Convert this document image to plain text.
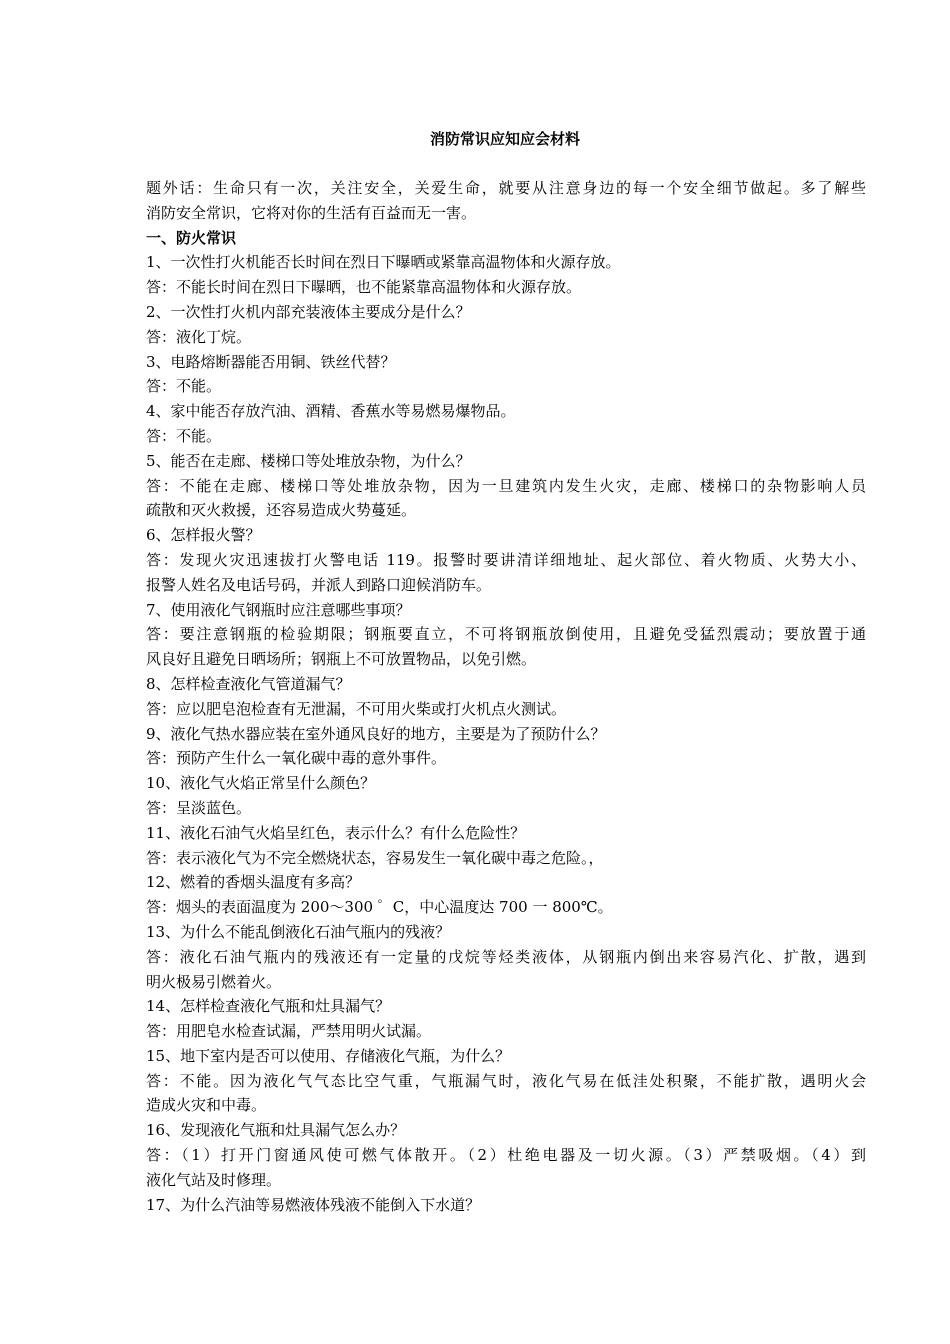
消防常识应知应会材料
题外话：生命只有一次，关注安全，关爱生命，就要从注意身边的每一个安全细节做起。多了解些
消防安全常识，它将对你的生活有百益而无一害。
一、防火常识
1、一次性打火机能否长时间在烈日下曝晒或紧靠高温物体和火源存放。
答：不能长时间在烈日下曝晒，也不能紧靠高温物体和火源存放。
2、一次性打火机内部充装液体主要成分是什么？
答：液化丁烷。
3、电路熔断器能否用铜、铁丝代替？
答：不能。
4、家中能否存放汽油、酒精、香蕉水等易燃易爆物品。
答：不能。
5、能否在走廊、楼梯口等处堆放杂物，为什么？
答：不能在走廊、楼梯口等处堆放杂物，因为一旦建筑内发生火灾，走廊、楼梯口的杂物影响人员
疏散和灭火救援，还容易造成火势蔓延。
6、怎样报火警？
答：发现火灾迅速拔打火警电话 119。报警时要讲清详细地址、起火部位、着火物质、火势大小、
报警人姓名及电话号码，并派人到路口迎候消防车。
7、使用液化气钢瓶时应注意哪些事项？
答：要注意钢瓶的检验期限；钢瓶要直立，不可将钢瓶放倒使用，且避免受猛烈震动；要放置于通
风良好且避免日晒场所；钢瓶上不可放置物品，以免引燃。
8、怎样检查液化气管道漏气？
答：应以肥皂泡检查有无泄漏，不可用火柴或打火机点火测试。
9、液化气热水器应装在室外通风良好的地方，主要是为了预防什么？
答：预防产生什么一氧化碳中毒的意外事件。
10、液化气火焰正常呈什么颜色？
答：呈淡蓝色。
11、液化石油气火焰呈红色，表示什么？有什么危险性？
答：表示液化气为不完全燃烧状态，容易发生一氧化碳中毒之危险。，
12、燃着的香烟头温度有多高？
答：烟头的表面温度为 200～300 ゜C，中心温度达 700 一 800℃。
13、为什么不能乱倒液化石油气瓶内的残液？
答：液化石油气瓶内的残液还有一定量的戊烷等烃类液体，从钢瓶内倒出来容易汽化、扩散，遇到
明火极易引燃着火。
14、怎样检查液化气瓶和灶具漏气？
答：用肥皂水检查试漏，严禁用明火试漏。
15、地下室内是否可以使用、存储液化气瓶，为什么？
答：不能。因为液化气气态比空气重，气瓶漏气时，液化气易在低洼处积聚，不能扩散，遇明火会
造成火灾和中毒。
16、发现液化气瓶和灶具漏气怎么办？
答：（1）打开门窗通风使可燃气体散开。（2）杜绝电器及一切火源。（3）严禁吸烟。（4）到
液化气站及时修理。
17、为什么汽油等易燃液体残液不能倒入下水道？
